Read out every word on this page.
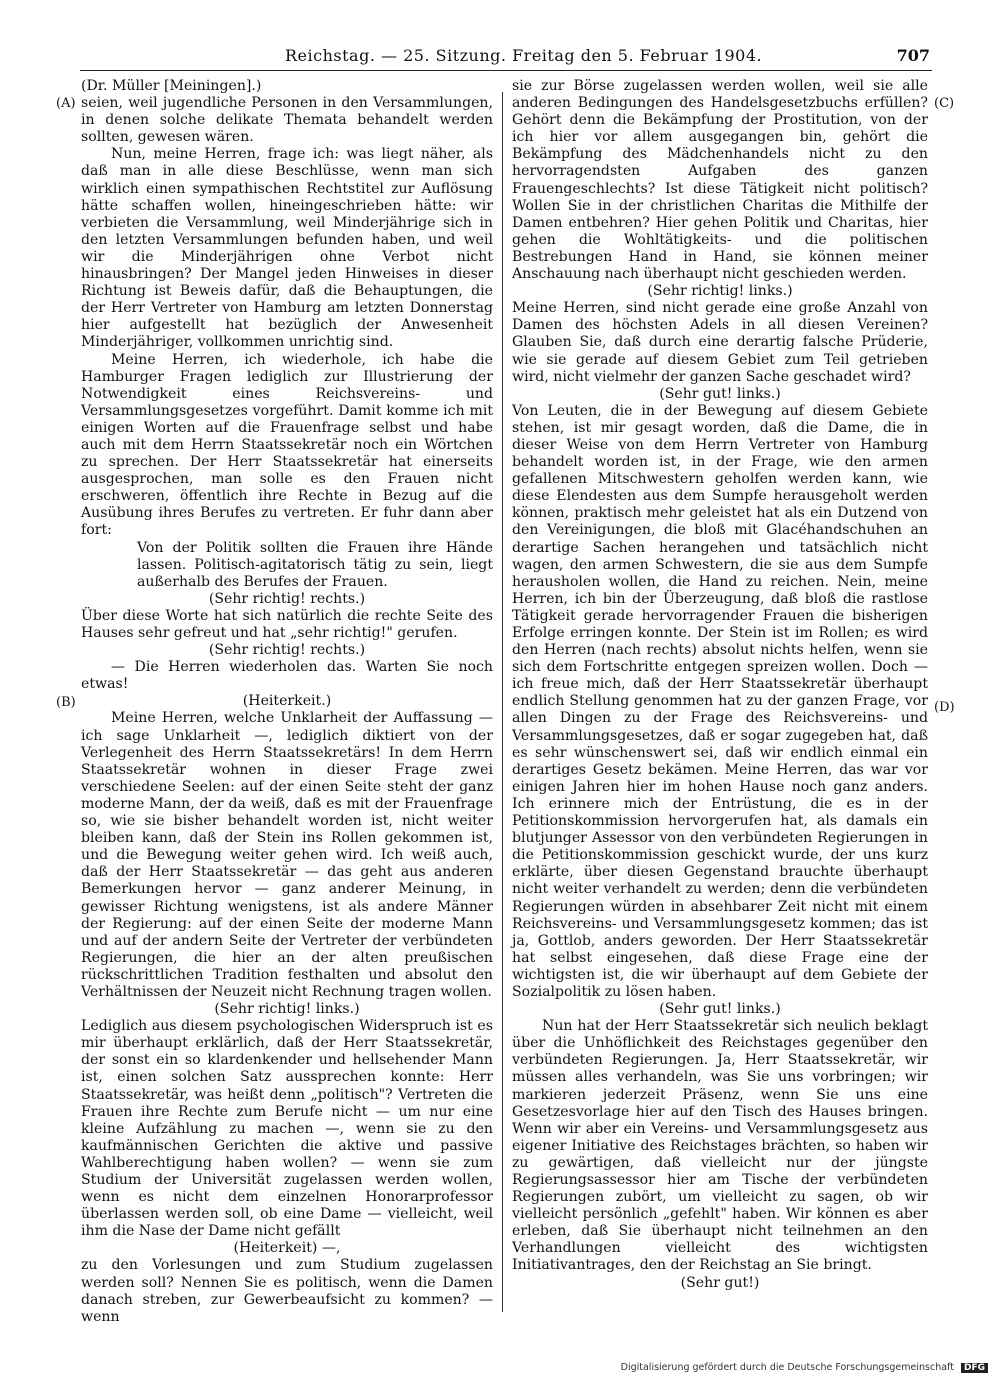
Reichstag. — 25. Sitzung. Freitag den 5. Februar 1904.	707
(A)
(B)
(C)
(D)

(Dr. Müller [Meiningen].)

seien, weil jugendliche Personen in den Versammlungen, in denen solche delikate Themata behandelt werden sollten, gewesen wären.

Nun, meine Herren, frage ich: was liegt näher, als daß man in alle diese Beschlüsse, wenn man sich wirklich einen sympathischen Rechtstitel zur Auflösung hätte schaffen wollen, hineingeschrieben hätte: wir verbieten die Versammlung, weil Minderjährige sich in den letzten Versammlungen befunden haben, und weil wir die Minderjährigen ohne Verbot nicht hinausbringen? Der Mangel jeden Hinweises in dieser Richtung ist Beweis dafür, daß die Behauptungen, die der Herr Vertreter von Hamburg am letzten Donnerstag hier aufgestellt hat bezüglich der Anwesenheit Minderjähriger, vollkommen unrichtig sind.

Meine Herren, ich wiederhole, ich habe die Hamburger Fragen lediglich zur Illustrierung der Notwendigkeit eines Reichsvereins- und Versammlungsgesetzes vorgeführt. Damit komme ich mit einigen Worten auf die Frauenfrage selbst und habe auch mit dem Herrn Staatssekretär noch ein Wörtchen zu sprechen. Der Herr Staatssekretär hat einerseits ausgesprochen, man solle es den Frauen nicht erschweren, öffentlich ihre Rechte in Bezug auf die Ausübung ihres Berufes zu vertreten. Er fuhr dann aber fort:

Von der Politik sollten die Frauen ihre Hände lassen. Politisch-agitatorisch tätig zu sein, liegt außerhalb des Berufes der Frauen.

(Sehr richtig! rechts.)

Über diese Worte hat sich natürlich die rechte Seite des Hauses sehr gefreut und hat „sehr richtig!" gerufen.

(Sehr richtig! rechts.)

— Die Herren wiederholen das. Warten Sie noch etwas!

(Heiterkeit.)

Meine Herren, welche Unklarheit der Auffassung — ich sage Unklarheit —, lediglich diktiert von der Verlegenheit des Herrn Staatssekretärs! In dem Herrn Staatssekretär wohnen in dieser Frage zwei verschiedene Seelen: auf der einen Seite steht der ganz moderne Mann, der da weiß, daß es mit der Frauenfrage so, wie sie bisher behandelt worden ist, nicht weiter bleiben kann, daß der Stein ins Rollen gekommen ist, und die Bewegung weiter gehen wird. Ich weiß auch, daß der Herr Staatssekretär — das geht aus anderen Bemerkungen hervor — ganz anderer Meinung, in gewisser Richtung wenigstens, ist als andere Männer der Regierung: auf der einen Seite der moderne Mann und auf der andern Seite der Vertreter der verbündeten Regierungen, die hier an der alten preußischen rückschrittlichen Tradition festhalten und absolut den Verhältnissen der Neuzeit nicht Rechnung tragen wollen.

(Sehr richtig! links.)

Lediglich aus diesem psychologischen Widerspruch ist es mir überhaupt erklärlich, daß der Herr Staatssekretär, der sonst ein so klardenkender und hellsehender Mann ist, einen solchen Satz aussprechen konnte: Herr Staatssekretär, was heißt denn „politisch"? Vertreten die Frauen ihre Rechte zum Berufe nicht — um nur eine kleine Aufzählung zu machen —, wenn sie zu den kaufmännischen Gerichten die aktive und passive Wahlberechtigung haben wollen? — wenn sie zum Studium der Universität zugelassen werden wollen, wenn es nicht dem einzelnen Honorarprofessor überlassen werden soll, ob eine Dame — vielleicht, weil ihm die Nase der Dame nicht gefällt

(Heiterkeit) —,

zu den Vorlesungen und zum Studium zugelassen werden soll? Nennen Sie es politisch, wenn die Damen danach streben, zur Gewerbeaufsicht zu kommen? — wenn

sie zur Börse zugelassen werden wollen, weil sie alle anderen Bedingungen des Handelsgesetzbuchs erfüllen? Gehört denn die Bekämpfung der Prostitution, von der ich hier vor allem ausgegangen bin, gehört die Bekämpfung des Mädchenhandels nicht zu den hervorragendsten Aufgaben des ganzen Frauengeschlechts? Ist diese Tätigkeit nicht politisch? Wollen Sie in der christlichen Charitas die Mithilfe der Damen entbehren? Hier gehen Politik und Charitas, hier gehen die Wohltätigkeits- und die politischen Bestrebungen Hand in Hand, sie können meiner Anschauung nach überhaupt nicht geschieden werden.

(Sehr richtig! links.)

Meine Herren, sind nicht gerade eine große Anzahl von Damen des höchsten Adels in all diesen Vereinen? Glauben Sie, daß durch eine derartig falsche Prüderie, wie sie gerade auf diesem Gebiet zum Teil getrieben wird, nicht vielmehr der ganzen Sache geschadet wird?

(Sehr gut! links.)

Von Leuten, die in der Bewegung auf diesem Gebiete stehen, ist mir gesagt worden, daß die Dame, die in dieser Weise von dem Herrn Vertreter von Hamburg behandelt worden ist, in der Frage, wie den armen gefallenen Mitschwestern geholfen werden kann, wie diese Elendesten aus dem Sumpfe herausgeholt werden können, praktisch mehr geleistet hat als ein Dutzend von den Vereinigungen, die bloß mit Glacéhandschuhen an derartige Sachen herangehen und tatsächlich nicht wagen, den armen Schwestern, die sie aus dem Sumpfe herausholen wollen, die Hand zu reichen. Nein, meine Herren, ich bin der Überzeugung, daß bloß die rastlose Tätigkeit gerade hervorragender Frauen die bisherigen Erfolge erringen konnte. Der Stein ist im Rollen; es wird den Herren (nach rechts) absolut nichts helfen, wenn sie sich dem Fortschritte entgegen spreizen wollen. Doch — ich freue mich, daß der Herr Staatssekretär überhaupt endlich Stellung genommen hat zu der ganzen Frage, vor allen Dingen zu der Frage des Reichsvereins- und Versammlungsgesetzes, daß er sogar zugegeben hat, daß es sehr wünschenswert sei, daß wir endlich einmal ein derartiges Gesetz bekämen. Meine Herren, das war vor einigen Jahren hier im hohen Hause noch ganz anders. Ich erinnere mich der Entrüstung, die es in der Petitionskommission hervorgerufen hat, als damals ein blutjunger Assessor von den verbündeten Regierungen in die Petitionskommission geschickt wurde, der uns kurz erklärte, über diesen Gegenstand brauchte überhaupt nicht weiter verhandelt zu werden; denn die verbündeten Regierungen würden in absehbarer Zeit nicht mit einem Reichsvereins- und Versammlungsgesetz kommen; das ist ja, Gottlob, anders geworden. Der Herr Staatssekretär hat selbst eingesehen, daß diese Frage eine der wichtigsten ist, die wir überhaupt auf dem Gebiete der Sozialpolitik zu lösen haben.

(Sehr gut! links.)

Nun hat der Herr Staatssekretär sich neulich beklagt über die Unhöflichkeit des Reichstages gegenüber den verbündeten Regierungen. Ja, Herr Staatssekretär, wir müssen alles verhandeln, was Sie uns vorbringen; wir markieren jederzeit Präsenz, wenn Sie uns eine Gesetzesvorlage hier auf den Tisch des Hauses bringen. Wenn wir aber ein Vereins- und Versammlungsgesetz aus eigener Initiative des Reichstages brächten, so haben wir zu gewärtigen, daß vielleicht nur der jüngste Regierungsassessor hier am Tische der verbündeten Regierungen zubört, um vielleicht zu sagen, ob wir vielleicht persönlich „gefehlt" haben. Wir können es aber erleben, daß Sie überhaupt nicht teilnehmen an den Verhandlungen vielleicht des wichtigsten Initiativantrages, den der Reichstag an Sie bringt.

(Sehr gut!)

Digitalisierung gefördert durch die Deutsche Forschungsgemeinschaft DFG
